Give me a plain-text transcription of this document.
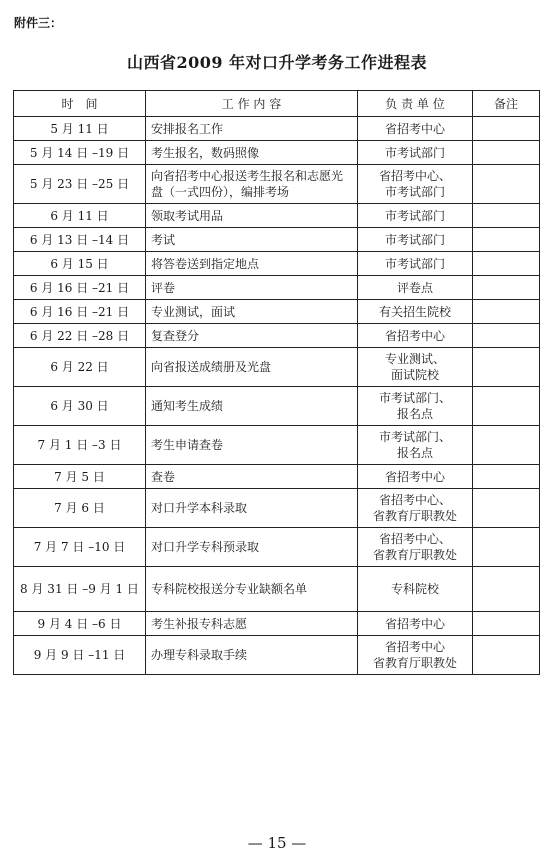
附件三：
山西省2009 年对口升学考务工作进程表
时　间	工 作 内 容	负 责 单 位	备注
5 月 11 日	安排报名工作	省招考中心	
5 月 14 日 –19 日	考生报名，数码照像	市考试部门	
5 月 23 日 –25 日	向省招考中心报送考生报名和志愿光盘（一式四份），编排考场	省招考中心、
市考试部门	
6 月 11 日	领取考试用品	市考试部门	
6 月 13 日 –14 日	考试	市考试部门	
6 月 15 日	将答卷送到指定地点	市考试部门	
6 月 16 日 –21 日	评卷	评卷点	
6 月 16 日 –21 日	专业测试，面试	有关招生院校	
6 月 22 日 –28 日	复查登分	省招考中心	
6 月 22 日	向省报送成绩册及光盘	专业测试、
面试院校	
6 月 30 日	通知考生成绩	市考试部门、
报名点	
7 月 1 日 –3 日	考生申请查卷	市考试部门、
报名点	
7 月 5 日	查卷	省招考中心	
7 月 6 日	对口升学本科录取	省招考中心、
省教育厅职教处	
7 月 7 日 –10 日	对口升学专科预录取	省招考中心、
省教育厅职教处	
8 月 31 日 –9 月 1 日	专科院校报送分专业缺额名单	专科院校	
9 月 4 日 –6 日	考生补报专科志愿	省招考中心	
9 月 9 日 –11 日	办理专科录取手续	省招考中心
省教育厅职教处	
— 15 —
